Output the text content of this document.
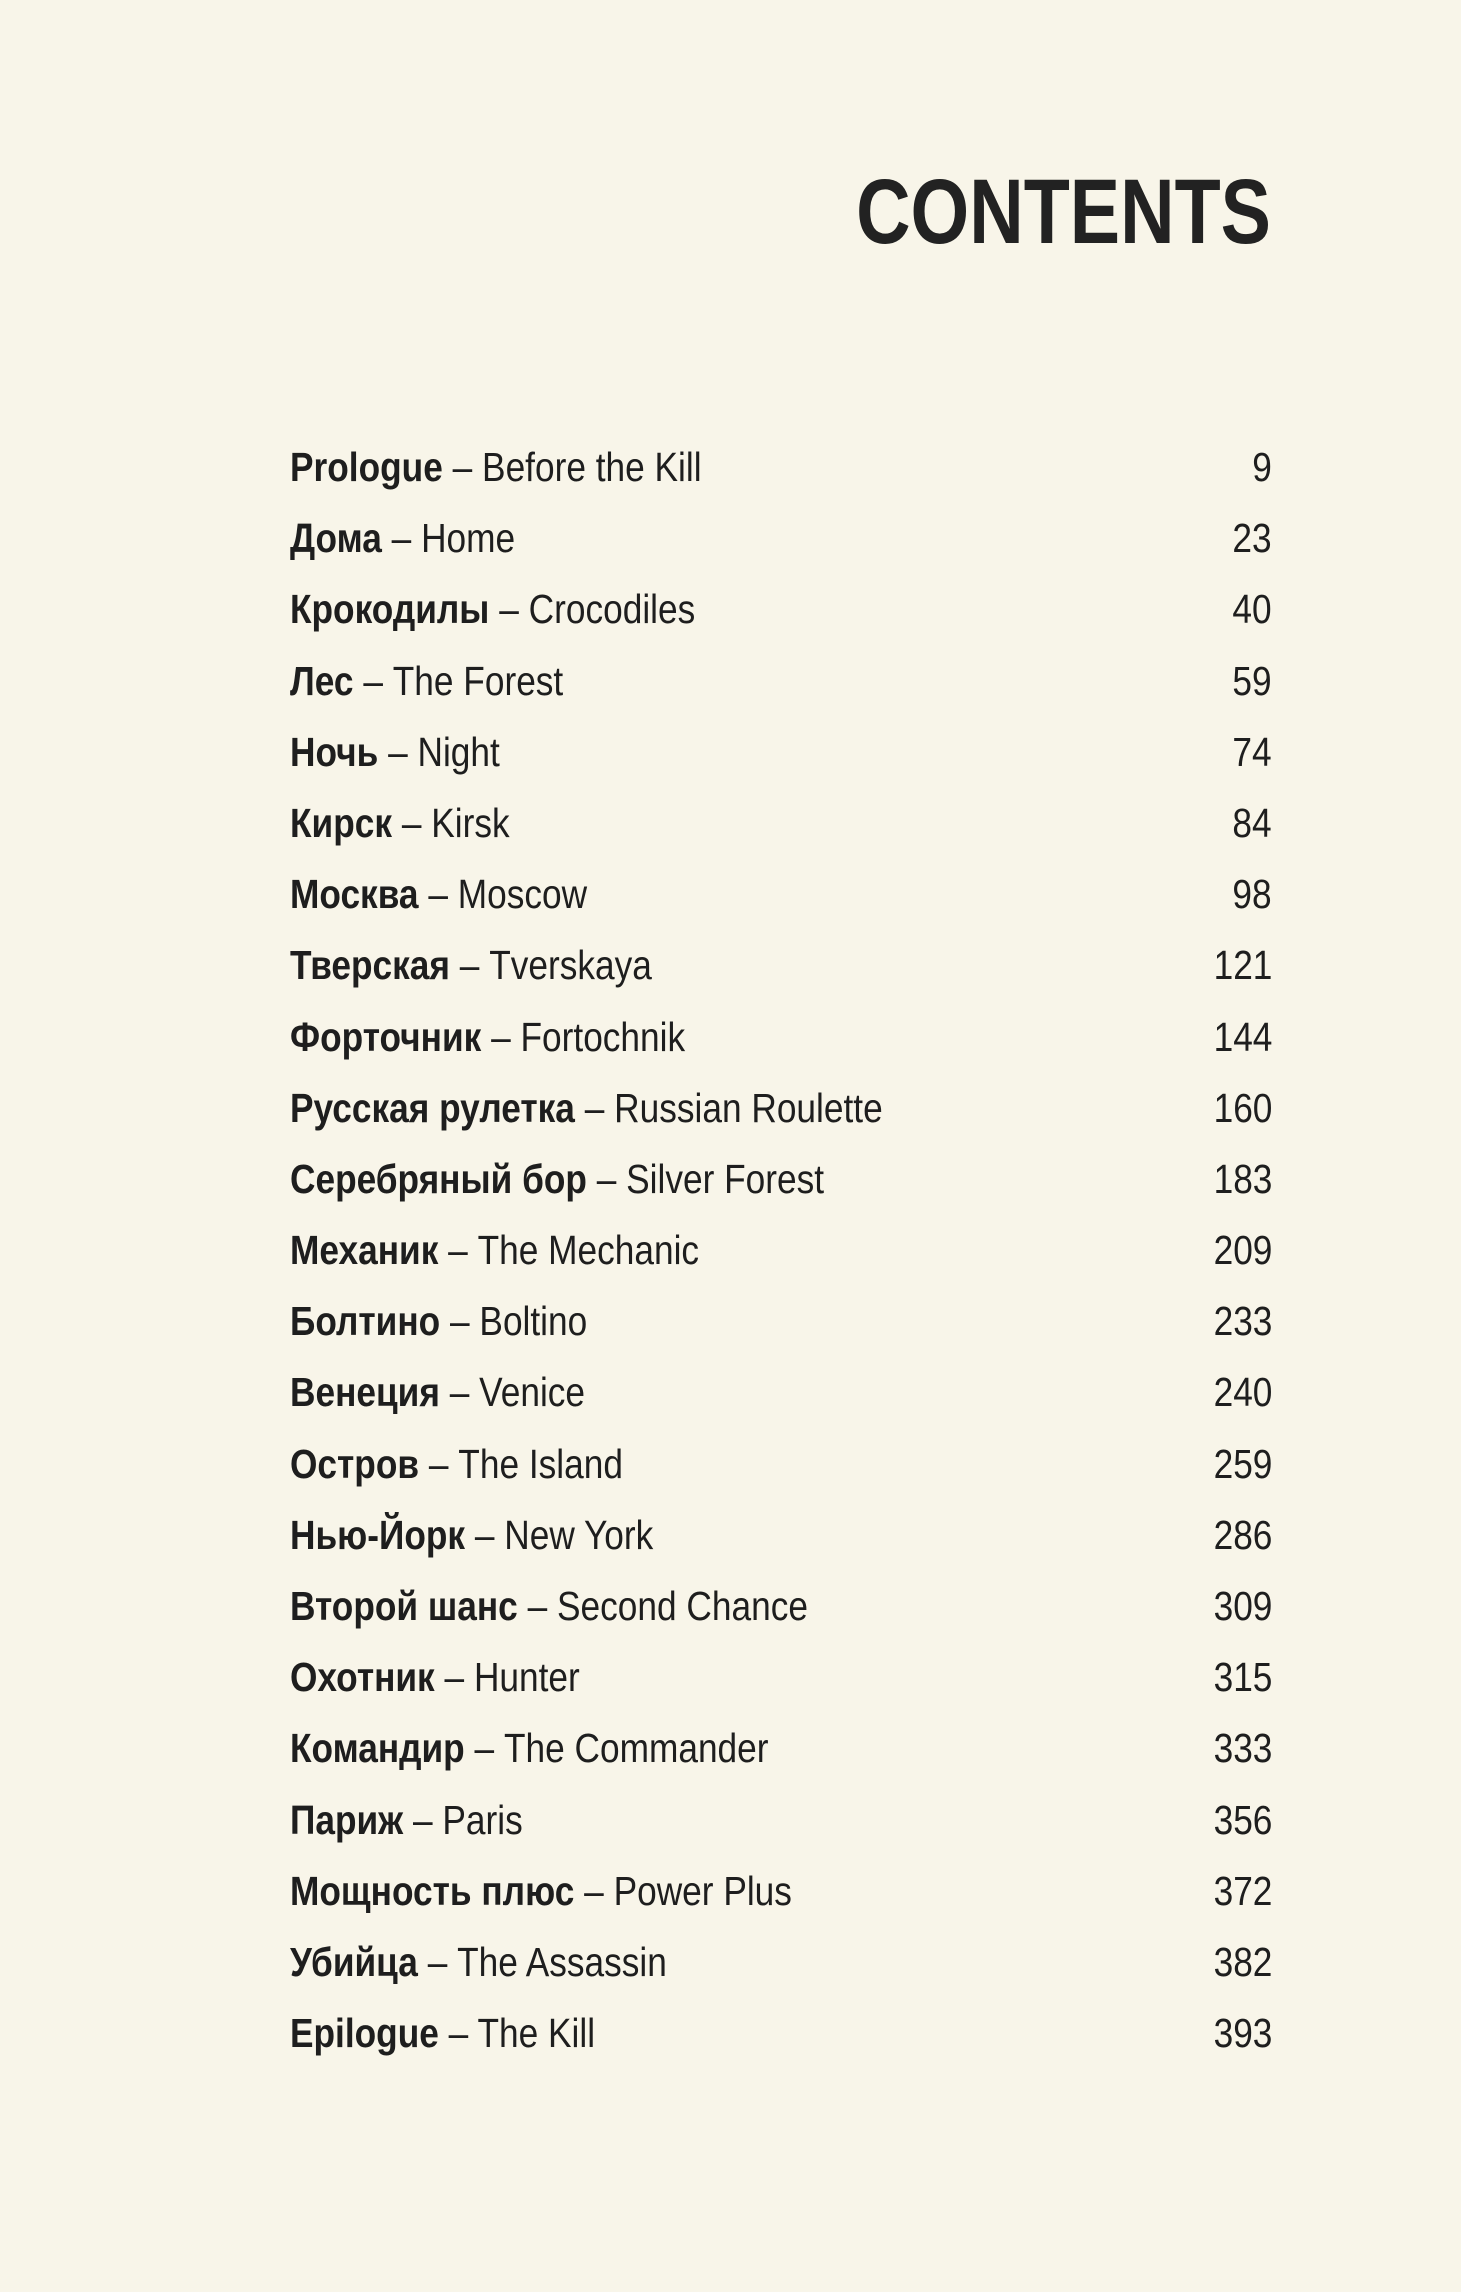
CONTENTS
Prologue – Before the Kill	9
Дома – Home	23
Крокодилы – Crocodiles	40
Лес – The Forest	59
Ночь – Night	74
Кирск – Kirsk	84
Москва – Moscow	98
Тверская – Tverskaya	121
Форточник – Fortochnik	144
Русская рулетка – Russian Roulette	160
Серебряный бор – Silver Forest	183
Механик – The Mechanic	209
Болтино – Boltino	233
Венеция – Venice	240
Остров – The Island	259
Нью-Йорк – New York	286
Второй шанс – Second Chance	309
Охотник – Hunter	315
Командир – The Commander	333
Париж – Paris	356
Мощность плюс – Power Plus	372
Убийца – The Assassin	382
Epilogue – The Kill	393
